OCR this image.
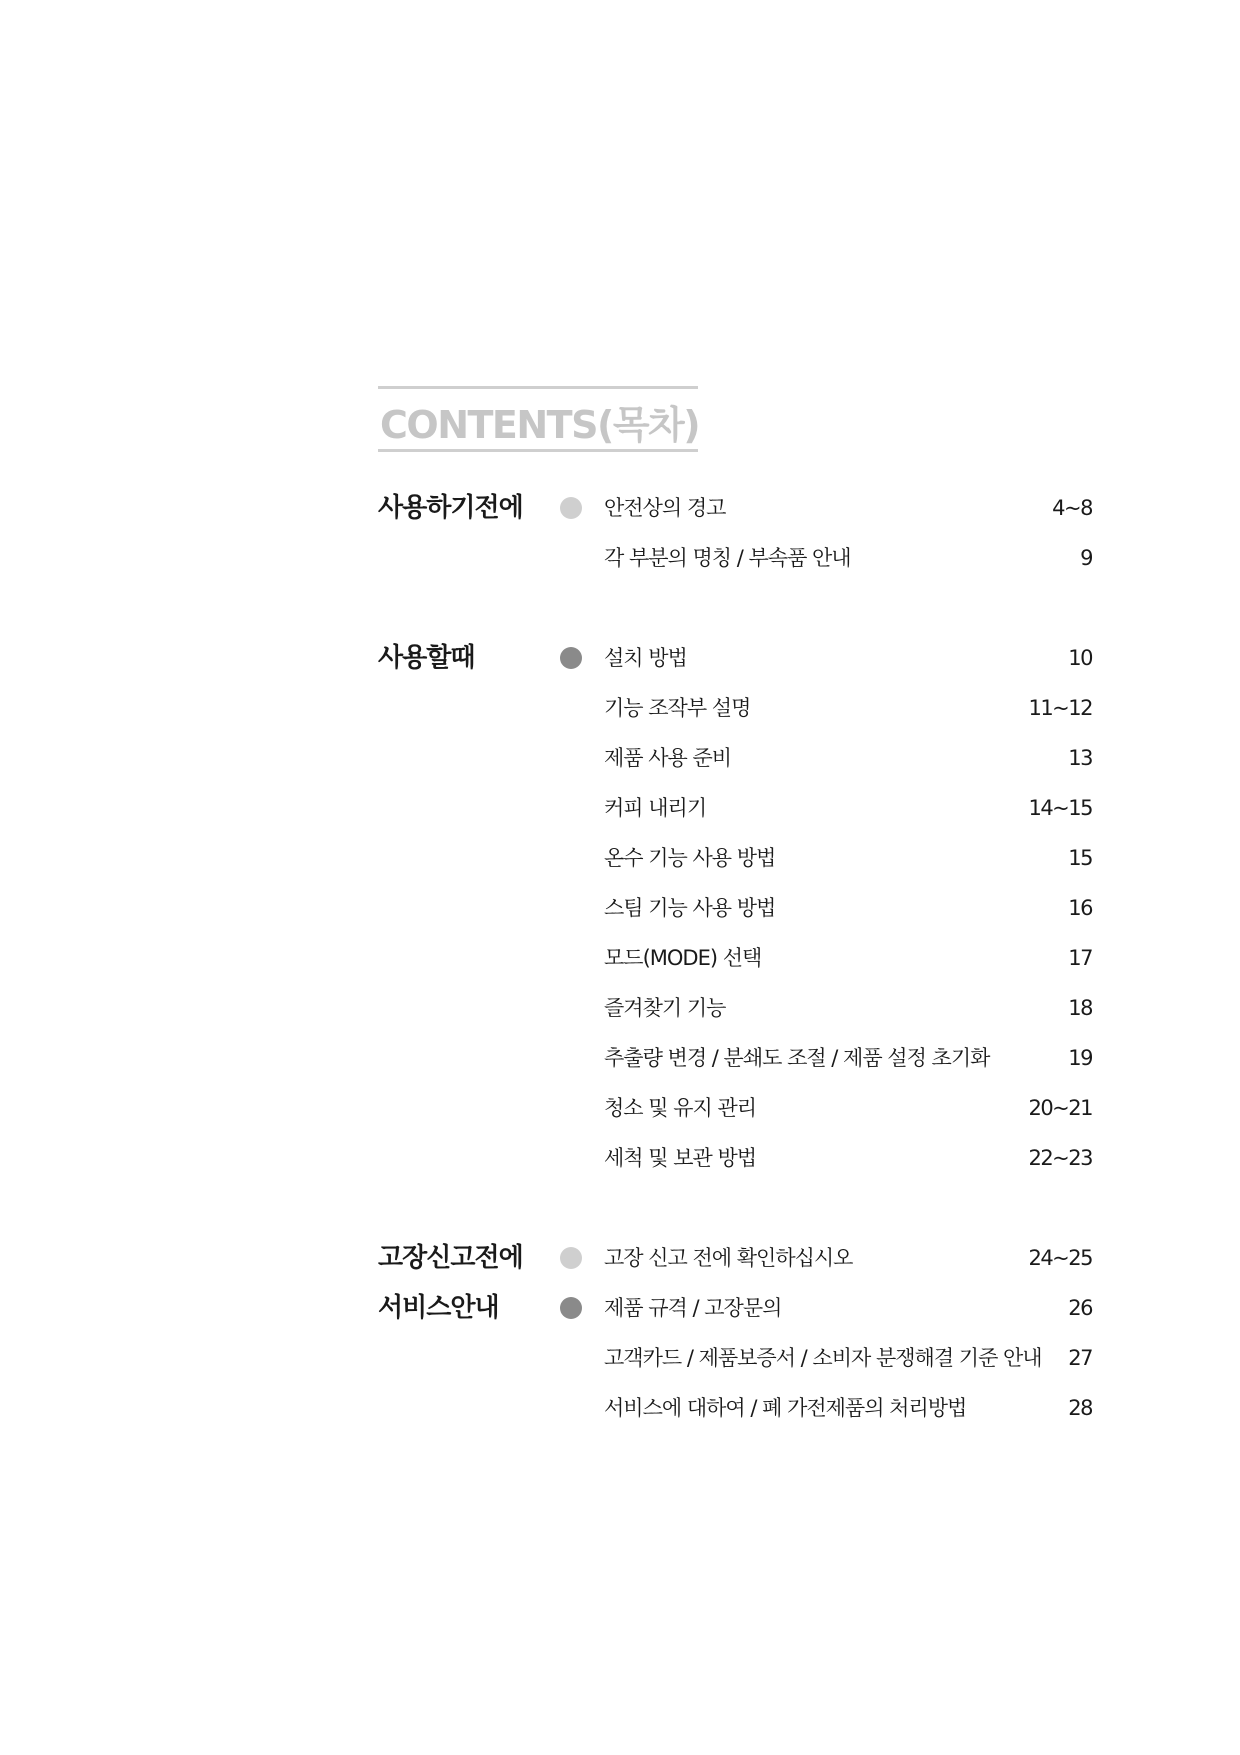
CONTENTS(목차)
사용하기전에	안전상의 경고	4~8
각 부분의 명칭 / 부속품 안내	9
사용할때	설치 방법	10
기능 조작부 설명	11~12
제품 사용 준비	13
커피 내리기	14~15
온수 기능 사용 방법	15
스팀 기능 사용 방법	16
모드(MODE) 선택	17
즐겨찾기 기능	18
추출량 변경 / 분쇄도 조절 / 제품 설정 초기화	19
청소 및 유지 관리	20~21
세척 및 보관 방법	22~23
고장신고전에	고장 신고 전에 확인하십시오	24~25
서비스안내	제품 규격 / 고장문의	26
고객카드 / 제품보증서 / 소비자 분쟁해결 기준 안내 27
서비스에 대하여 / 폐 가전제품의 처리방법	28
